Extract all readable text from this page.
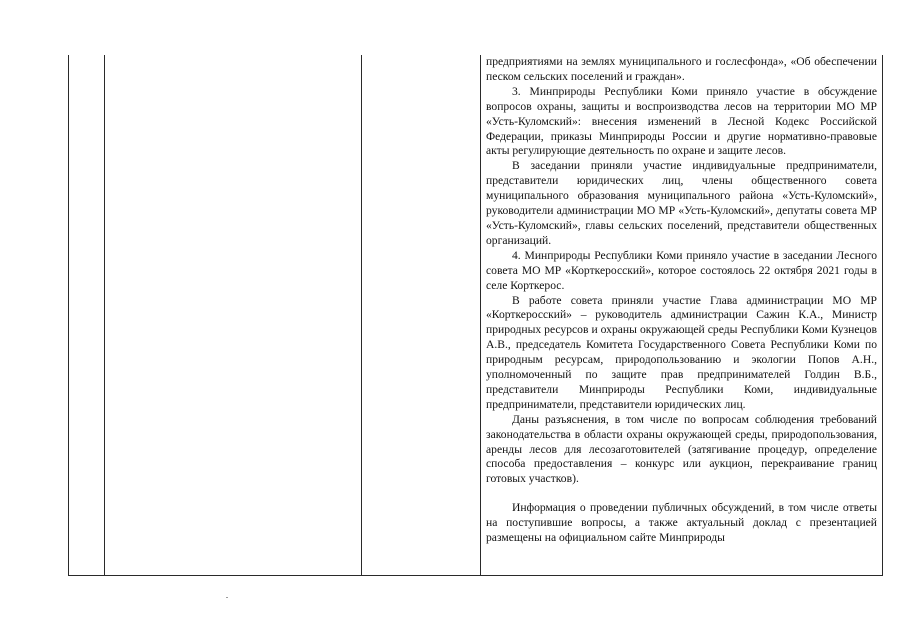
предприятиями на землях муниципального и гослесфонда», «Об обеспечении песком сельских поселений и граждан».

3. Минприроды Республики Коми приняло участие в обсуждение вопросов охраны, защиты и воспроизводства лесов на территории МО МР «Усть-Куломский»: внесения изменений в Лесной Кодекс Российской Федерации, приказы Минприроды России и другие нормативно-правовые акты регулирующие деятельность по охране и защите лесов.

В заседании приняли участие индивидуальные предприниматели, представители юридических лиц, члены общественного совета муниципального образования муниципального района «Усть-Куломский», руководители администрации МО МР «Усть-Куломский», депутаты совета МР «Усть-Куломский», главы сельских поселений, представители общественных организаций.

4. Минприроды Республики Коми приняло участие в заседании Лесного совета МО МР «Корткеросский», которое состоялось 22 октября 2021 годы в селе Корткерос.

В работе совета приняли участие Глава администрации МО МР «Корткеросский» – руководитель администрации Сажин К.А., Министр природных ресурсов и охраны окружающей среды Республики Коми Кузнецов А.В., председатель Комитета Государственного Совета Республики Коми по природным ресурсам, природопользованию и экологии Попов А.Н., уполномоченный по защите прав предпринимателей Голдин В.Б., представители Минприроды Республики Коми, индивидуальные предприниматели, представители юридических лиц.

Даны разъяснения, в том числе по вопросам соблюдения требований законодательства в области охраны окружающей среды, природопользования, аренды лесов для лесозаготовителей (затягивание процедур, определение способа предоставления – конкурс или аукцион, перекраивание границ готовых участков).

Информация о проведении публичных обсуждений, в том числе ответы на поступившие вопросы, а также актуальный доклад с презентацией размещены на официальном сайте Минприроды
